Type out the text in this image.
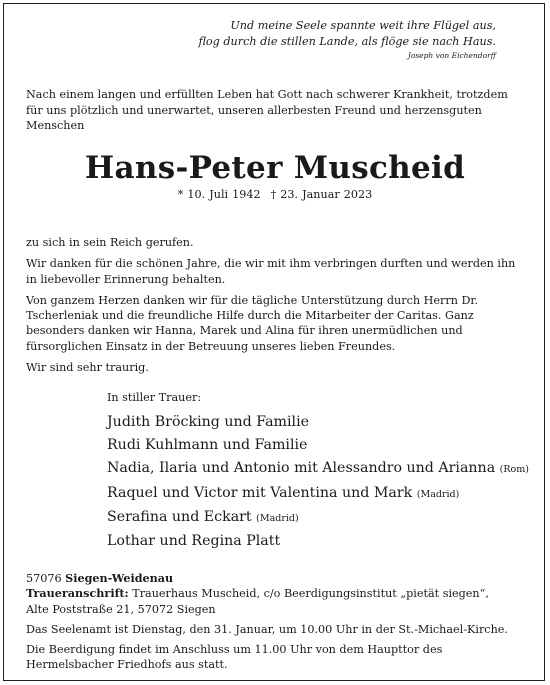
Und meine Seele spannte weit ihre Flügel aus,
flog durch die stillen Lande, als flöge sie nach Haus.
Joseph von Eichendorff
Nach einem langen und erfüllten Leben hat Gott nach schwerer Krankheit, trotzdem für uns plötzlich und unerwartet, unseren allerbesten Freund und herzensguten Menschen
Hans-Peter Muscheid
* 10. Juli 1942 † 23. Januar 2023

zu sich in sein Reich gerufen.

Wir danken für die schönen Jahre, die wir mit ihm verbringen durften und werden ihn in liebevoller Erinnerung behalten.

Von ganzem Herzen danken wir für die tägliche Unterstützung durch Herrn Dr. Tscherleniak und die freundliche Hilfe durch die Mitarbeiter der Caritas. Ganz besonders danken wir Hanna, Marek und Alina für ihren unermüdlichen und fürsorglichen Einsatz in der Betreuung unseres lieben Freundes.

Wir sind sehr traurig.

In stiller Trauer:
Judith Bröcking und Familie
Rudi Kuhlmann und Familie
Nadia, Ilaria und Antonio mit Alessandro und Arianna (Rom)
Raquel und Victor mit Valentina und Mark (Madrid)
Serafina und Eckart (Madrid)
Lothar und Regina Platt

57076 Siegen-Weidenau
Traueranschrift: Trauerhaus Muscheid, c/o Beerdigungsinstitut „pietät siegen“,
Alte Poststraße 21, 57072 Siegen

Das Seelenamt ist Dienstag, den 31. Januar, um 10.00 Uhr in der St.-Michael-Kirche.

Die Beerdigung findet im Anschluss um 11.00 Uhr von dem Haupttor des Hermelsbacher Friedhofs aus statt.
